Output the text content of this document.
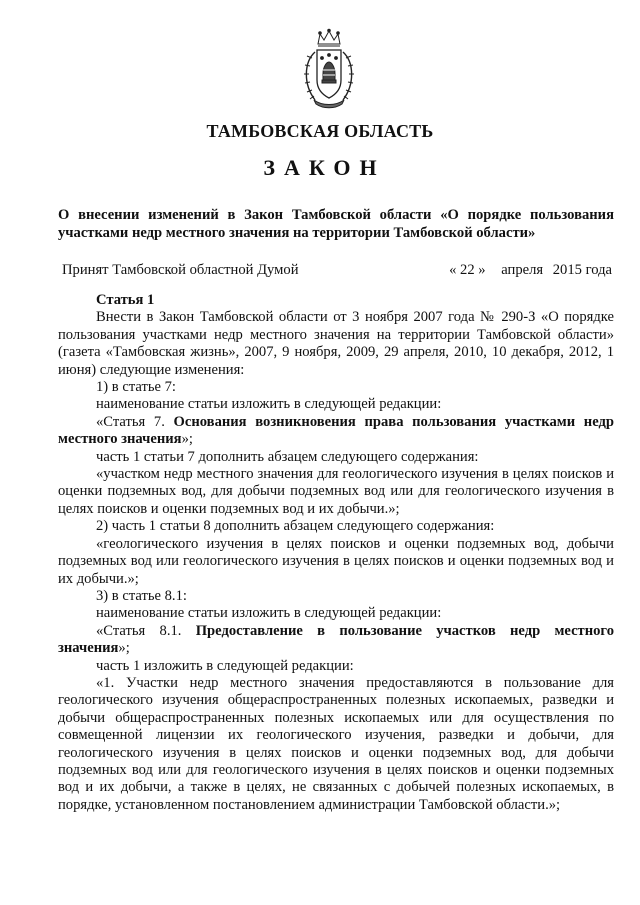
ТАМБОВСКАЯ ОБЛАСТЬ
ЗАКОН
О внесении изменений в Закон Тамбовской области «О порядке пользования участками недр местного значения на территории Тамбовской области»
Принят Тамбовской областной Думой	« 22 » апреля 2015 года

Статья 1

Внести в Закон Тамбовской области от 3 ноября 2007 года № 290-З «О порядке пользования участками недр местного значения на территории Тамбовской области» (газета «Тамбовская жизнь», 2007, 9 ноября, 2009, 29 апреля, 2010, 10 декабря, 2012, 1 июня) следующие изменения:

1) в статье 7:

наименование статьи изложить в следующей редакции:

«Статья 7. Основания возникновения права пользования участками недр местного значения»;

часть 1 статьи 7 дополнить абзацем следующего содержания:

«участком недр местного значения для геологического изучения в целях поисков и оценки подземных вод, для добычи подземных вод или для геологического изучения в целях поисков и оценки подземных вод и их добычи.»;

2) часть 1 статьи 8 дополнить абзацем следующего содержания:

«геологического изучения в целях поисков и оценки подземных вод, добычи подземных вод или геологического изучения в целях поисков и оценки подземных вод и их добычи.»;

3) в статье 8.1:

наименование статьи изложить в следующей редакции:

«Статья 8.1. Предоставление в пользование участков недр местного значения»;

часть 1 изложить в следующей редакции:

«1. Участки недр местного значения предоставляются в пользование для геологического изучения общераспространенных полезных ископаемых, разведки и добычи общераспространенных полезных ископаемых или для осуществления по совмещенной лицензии их геологического изучения, разведки и добычи, для геологического изучения в целях поисков и оценки подземных вод, для добычи подземных вод или для геологического изучения в целях поисков и оценки подземных вод и их добычи, а также в целях, не связанных с добычей полезных ископаемых, в порядке, установленном постановлением администрации Тамбовской области.»;
